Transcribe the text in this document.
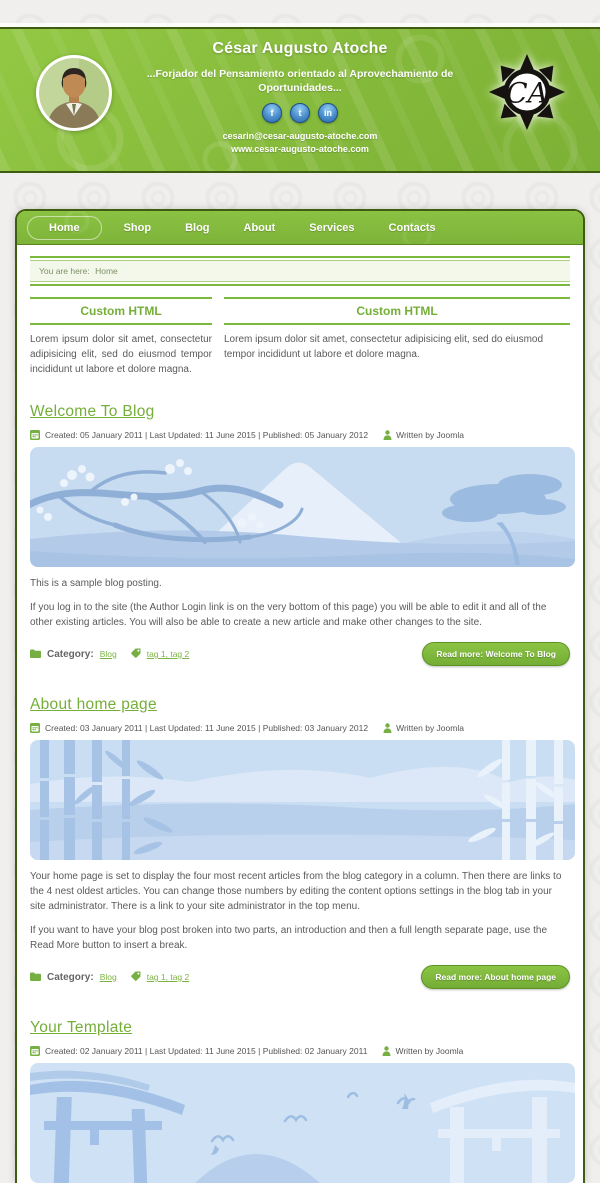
César Augusto Atoche
...Forjador del Pensamiento orientado al Aprovechamiento de Oportunidades...
f	t	in
cesarin@cesar-augusto-atoche.com
www.cesar-augusto-atoche.com
CA
Home	Shop	Blog	About	Services	Contacts
You are here: Home
Custom HTML
Lorem ipsum dolor sit amet, consectetur adipisicing elit, sed do eiusmod tempor incididunt ut labore et dolore magna.
Custom HTML
Lorem ipsum dolor sit amet, consectetur adipisicing elit, sed do eiusmod tempor incididunt ut labore et dolore magna.
Welcome To Blog
Created: 05 January 2011 | Last Updated: 11 June 2015 | Published: 05 January 2012	Written by Joomla

This is a sample blog posting.

If you log in to the site (the Author Login link is on the very bottom of this page) you will be able to edit it and all of the other existing articles. You will also be able to create a new article and make other changes to the site.

Category: Blog	tag 1, tag 2	Read more: Welcome To Blog
About home page
Created: 03 January 2011 | Last Updated: 11 June 2015 | Published: 03 January 2012	Written by Joomla

Your home page is set to display the four most recent articles from the blog category in a column. Then there are links to the 4 nest oldest articles. You can change those numbers by editing the content options settings in the blog tab in your site administrator. There is a link to your site administrator in the top menu.

If you want to have your blog post broken into two parts, an introduction and then a full length separate page, use the Read More button to insert a break.

Category: Blog	tag 1, tag 2	Read more: About home page
Your Template
Created: 02 January 2011 | Last Updated: 11 June 2015 | Published: 02 January 2011	Written by Joomla
